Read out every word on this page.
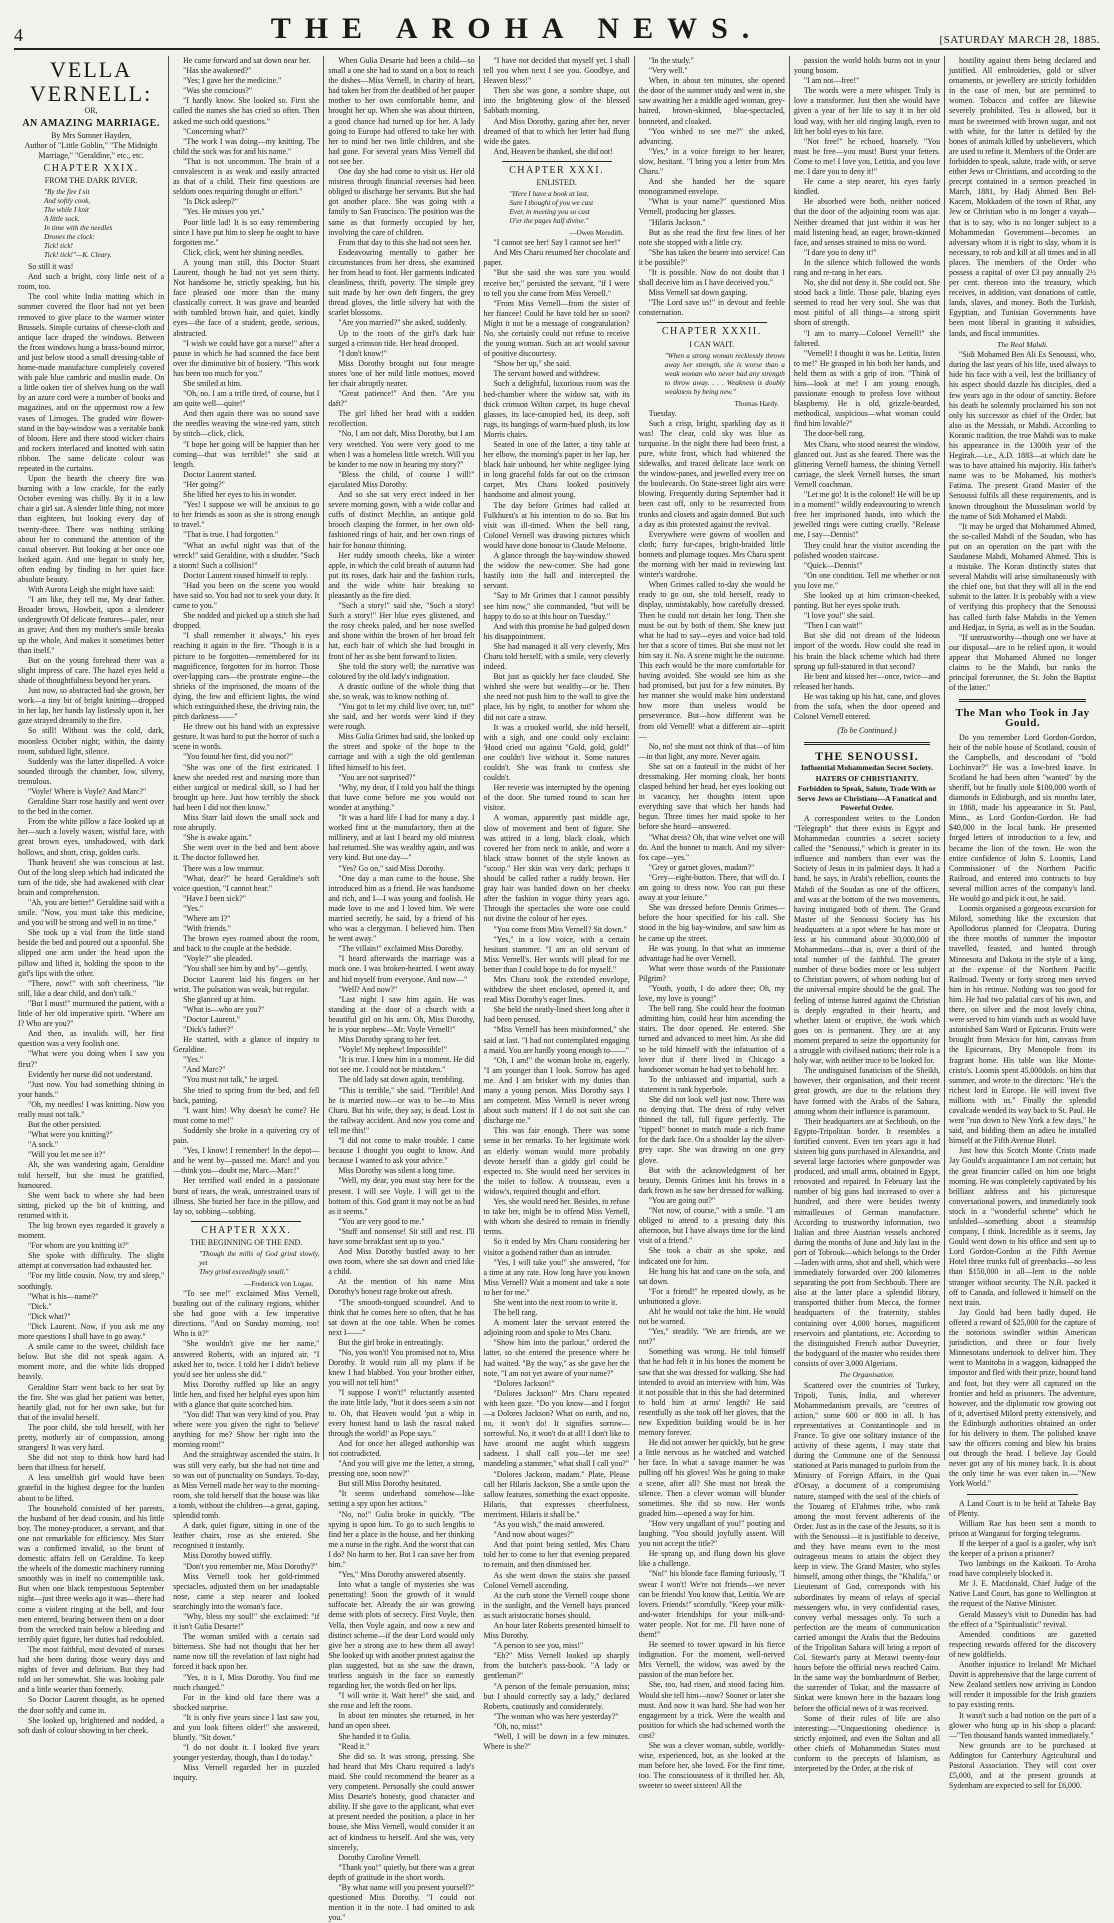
4	THE AROHA NEWS.	[SATURDAY MARCH 28, 1885.
VELLA VERNELL:
OR,
AN AMAZING MARRIAGE.
By Mrs Sumner Hayden,
Author of "Little Goblin," "The Midnight Marriage," "Geraldine," etc., etc.
CHAPTER XXIX.
FROM THE DARK RIVER.
"By the fire I sit
And softly cook,
The while I knit
A little sock.
In time with the needles
Drones the clock:
Tick! tick!
Tick! tick!"—K. Cleary.

So still it was!

And such a bright, cosy little nest of a room, too.

The cool white India matting which in summer covered the floor had not yet been removed to give place to the warmer winter Brussels. Simple curtains of cheese-cloth and antique lace draped the windows. Between the front windows hung a brass-bound mirror, and just below stood a small dressing-table of home-made manufacture completely covered with pale blue cambric and muslin made. On a little oaken tier of shelves hung on the wall by an azure cord were a number of books and magazines, and on the uppermost row a few vases of Limoges. The graded wire flower-stand in the bay-window was a veritable bank of bloom. Here and there stood wicker chairs and rockers interlaced and knotted with satin ribbon. The same delicate colour was repeated in the curtains.

Upon the hearth the cheery fire was burning with a low crackle, for the early October evening was chilly. By it in a low chair a girl sat. A slender little thing, not more than eighteen, but looking every day of twenty-three. There was nothing striking about her to command the attention of the casual observer. But looking at her once one looked again. And one began to study her, often ending by finding in her quiet face absolute beauty.

With Aurora Leigh she might have said:

"I am like, they tell me, My dear father. Broader brows, Howbeit, upon a slenderer undergrowth Of delicate features—paler, near as grave; And then my mother's smile breaks up the whole, And makes it sometimes better than itself."

But on the young forehead there was a slight impress of care. The hazel eyes held a shade of thoughtfulness beyond her years.

Just now, so abstracted had she grown, her work—a tiny bit of bright knitting—dropped in her lap, her hands lay listlessly upon it, her gaze strayed dreamily to the fire.

So still! Without was the cold, dark, moonless October night; within, the dainty room, subdued light, silence.

Suddenly was the latter dispelled. A voice sounded through the chamber, low, silvery, tremulous.

"Voyle! Where is Voyle? And Marc?"

Geraldine Starr rose hastily and went over to the bed in the corner.

From the white pillow a face looked up at her—such a lovely waxen, wistful face, with great brown eyes, unshadowed, with dark hollows, and short, crisp, golden curls.

Thank heaven! she was conscious at last. Out of the long sleep which had indicated the turn of the tide, she had awakened with clear brain and comprehension.

"Ah, you are better!" Geraldine said with a smile. "Now, you must take this medicine, and you will be strong and well in no time."

She took up a vial from the little stand beside the bed and poured out a spoonful. She slipped one arm under the head upon the pillow and lifted it, holding the spoon to the girl's lips with the other.

"There, now!" with soft cheeriness, "lie still, like a dear child, and don't talk."

"But I must!" murmured the patient, with a little of her old imperative spirit. "Where am I? Who are you?"

And then, as invalids will, her first question was a very foolish one.

"What were you doing when I saw you first?"

Evidently her nurse did not understand.

"Just now. You had something shining in your hands."

"Oh, my needles! I was knitting. Now you really must not talk."

But the other persisted.

"What were you knitting?"

"A sock."

"Will you let me see it?"

Ah, she was wandering again, Geraldine told herself, but she must be gratified, humoured.

She went back to where she had been sitting, picked up the bit of knitting, and returned with it.

The big brown eyes regarded it gravely a moment.

"For whom are you knitting it?"

She spoke with difficulty. The slight attempt at conversation had exhausted her.

"For my little cousin. Now, try and sleep," soothingly.

"What is his—name?"

"Dick."

"Dick what?"

"Dick Laurent. Now, if you ask me any more questions I shall have to go away."

A smile came to the sweet, childish face below. But she did not speak again. A moment more, and the white lids dropped heavily.

Geraldine Starr went back to her seat by the fire. She was glad her patient was better, heartily glad, not for her own sake, but for that of the invalid herself.

The poor child, she told herself, with her pretty, motherly air of compassion, among strangers! It was very hard.

She did not stop to think how hard had been that illness for herself.

A less unselfish girl would have been grateful in the highest degree for the burden about to be lifted.

The household consisted of her parents, the husband of her dead cousin, and his little boy. The money-producer, a servant, and that one not remarkable for efficiency. Mrs Starr was a confirmed invalid, so the brunt of domestic affairs fell on Geraldine. To keep the wheels of the domestic machinery running smoothly was in itself no contemptible task. But when one black tempestuous September night—just three weeks ago it was—there had come a violent ringing at the bell, and four men entered, bearing between them on a door from the wrecked train below a bleeding and terribly quiet figure, her duties had redoubled.

The most faithful, most devoted of nurses had she been during those weary days and nights of fever and delirium. But they had told on her somewhat. She was looking pale and a little wearier than formerly.

So Doctor Laurent thought, as he opened the door softly and came in.

She looked up, brightened and nodded, a soft dash of colour showing in her cheek.

He came forward and sat down near her.

"Has she awakened?"

"Yes; I gave her the medicine."

"Was she conscious?"

"I hardly know. She looked so. First she called the names she has cried so often. Then asked me such odd questions."

"Concerning what?"

"The work I was doing—my knitting. The child the sock was for and his name."

"That is not uncommon. The brain of a convalescent is as weak and easily attracted as that of a child. Their first questions are seldom ones requiring thought or effort."

"Is Dick asleep?"

"Yes. He misses you yet."

Poor little lad! It is so easy remembering since I have put him to sleep he ought to have forgotten me."

Click, click, went her shining needles.

A young man still, this Doctor Stuart Laurent, though he had not yet seen thirty. Not handsome he, strictly speaking, but his face pleased one more than the many classically correct. It was grave and bearded with tumbled brown hair, and quiet, kindly eyes—the face of a student, gentle, serious, abstracted.

"I wish we could have got a nurse!" after a pause in which he had scanned the face bent over the diminutive bit of hosiery. "This work has been too much for you."

She smiled at him.

"Oh, no. I am a trifle tired, of course, but I am quite well—quite!"

And then again there was no sound save the needles weaving the wine-red yarn, stitch by stitch—click, click.

"I hope her going will be happier than her coming—that was terrible!" she said at length.

Doctor Laurent started.

"Her going?"

She lifted her eyes to his in wonder.

"Yes! I suppose we will be anxious to go to her friends as soon as she is strong enough to travel."

"That is true. I had forgotten."

"What an awful night was that of the wreck!" said Geraldine, with a shudder. "Such a storm! Such a collision!"

Doctor Laurent roused himself to reply.

"Had you been on the scene you would have said so. You had not to seek your duty. It came to you."

She nodded and picked up a stitch she had dropped.

"I shall remember it always," his eyes reaching it again in the fire. "Though it is a picture to be forgotten—remembered for its magnificence, forgotten for its horror. Those over-lapping cars—the prostrate engine—the shrieks of the imprisoned, the moans of the dying, the few and efficient lights, the wind which extinguished these, the driving rain, the pitch darkness——"

He threw out his hand with an expressive gesture. It was hard to put the horror of such a scene in words.

"You found her first, did you not?"

"She was one of the first extricated. I knew she needed rest and nursing more than either surgical or medical skill, so I had her brought up here. Just how terribly the shock had been I did not then know."

Miss Starr laid down the small sock and rose abruptly.

"She is awake again."

She went over to the bed and bent above it. The doctor followed her.

There was a low murmur.

"What, dear?" he heard Geraldine's soft voice question, "I cannot hear."

"Have I been sick?"

"Yes."

"Where am I?"

"With friends."

The brown eyes roamed about the room, and back to the couple at the bedside.

"Voyle?" she pleaded.

"You shall see him by and by"—gently.

Doctor Laurent laid his fingers on her wrist. The pulsation was weak, but regular.

She glanced up at him.

"What is—who are you?"

"Doctor Laurent."

"Dick's father?"

He started, with a glance of inquiry to Geraldine.

"Yes."

"And Marc?"

"You must not talk," he urged.

She tried to spring from the bed, and fell back, panting.

"I want him! Why doesn't he come? He must come to me!"

Suddenly she broke in a quivering cry of pain.

"Yes, I know! I remember! In the depot—and he went by—passed me. Marc! and you—think you—doubt me, Marc—Marc!"

Her terrified wail ended in a passionate burst of tears, the weak, unrestrained tears of illness. She buried her face in the pillow, and lay so, sobbing—sobbing.

CHAPTER XXX.
THE BEGINNING OF THE END.
"Though the mills of God grind slowly, yet
They grind exceedingly small."
—Frederick von Logau.

"To see me!" exclaimed Miss Vernell, bustling out of the culinary regions, whither she had gone with a few imperative directions. "And on Sunday morning, too! Who is it?"

"She wouldn't give me her name," answered Roberts, with an injured air. "I asked her to, twice. I told her I didn't believe you'd see her unless she did."

Miss Dorothy ruffled up like an angry little hen, and fixed her helpful eyes upon him with a glance that quite scorched him.

"You did! That was very kind of you. Pray where were you given the right to 'believe' anything for me? Show her right into the morning room!"

And the straightway ascended the stairs. It was still very early, but she had not time and so was out of punctuality on Sundays. To-day, as Miss Vernell made her way to the morning-room, she told herself that the house was like a tomb, without the children—a great, gaping, splendid tomb.

A dark, quiet figure, sitting in one of the leather chairs, rose as she entered. She recognised it instantly.

Miss Dorothy bowed stiffly.

"Don't you remember me, Miss Dorothy?"

Miss Vernell took her gold-rimmed spectacles, adjusted them on her unadaptable nose, came a step nearer and looked searchingly into the woman's face.

"Why, bless my soul!" she exclaimed: "if it isn't Gulia Desarte!"

The woman smiled with a certain sad bitterness. She had not thought that her her name now till the revelation of last night had forced it back upon her.

"Yes, it is I, Miss Dorothy. You find me much changed."

For in the kind old face there was a shocked surprise.

"It is only five years since I last saw you, and you look fifteen older!" she answered, bluntly. "Sit down."

"I do not doubt it. I looked five years younger yesterday, though, than I do today."

Miss Vernell regarded her in puzzled inquiry.

When Gulia Desarte had been a child—so small a one she had to stand on a box to reach the dishes—Miss Vernell, in charity of heart, had taken her from the deathbed of her pauper mother to her own comfortable home, and brought her up. When she was about thirteen, a good chance had turned up for her. A lady going to Europe had offered to take her with her to mind her two little children, and she had gone. For several years Miss Vernell did not see her.

One day she had come to visit us. Her old mistress through financial reverses had been obliged to discharge her servants. But she had got another place. She was going with a family to San Francisco. The position was the same as that formerly occupied by her, involving the care of children.

From that day to this she had not seen her.

Endeavouring mentally to gather her circumstances from her dress, she examined her from head to foot. Her garments indicated cleanliness, thrift, poverty. The simple grey suit made by her own deft fingers, the grey thread gloves, the little silvery hat with the scarlet blossoms.

"Are you married?" she asked, suddenly.

Up to the roots of the girl's dark hair surged a crimson tide. Her head drooped.

"I don't know!"

Miss Dorothy brought out four meagre stores 'one of her mild little mottoes, moved her chair abruptly nearer.

"Great patience!" And then. "Are you daft?"

The girl lifted her head with a sudden recollection.

"No, I am not daft, Miss Dorothy, but I am very wretched. You were very good to me when I was a homeless little wretch. Will you be kinder to me now in hearing my story?"

"Bless the child, of course I will!" ejaculated Miss Dorothy.

And so she sat very erect indeed in her severe morning gown, with a wide collar and cuffs of distinct Mechlin, an antique gold brooch clasping the former, in her own old-fashioned rings of hair, and her own rings of hair for honour thinning.

Her ruddy smooth cheeks, like a winter apple, in which the cold breath of autumn had put its roses, dark hair and the fashion curls, and the wide white hair breaking so pleasantly as the fire died.

"Such a story!" said she, "Such a story! Such a story!" Her blue eyes glistened, and the rosy cheeks paled, and her nose swelled and shone within the brown of her broad felt hat, each hair of which she had brought in front of her as she bent forward to listen.

She told the story well; the narrative was coloured by the old lady's indignation.

A drastic outline of the whole thing that she, so weak, was to know nothing of.

"You got to let my child live over, tut, tut!" she said, and her words were kind if they were rough.

Miss Gulia Grimes had said, she looked up the street and spoke of the hope to the carriage and with a sigh the old gentleman lifted himself to his feet.

"You are not surprised?"

"Why, my dear, if I told you half the things that have come before me you would not wonder at anything."

"It was a hard life I had for many a day. I worked first at the manufactory, then at the millinery, and at last I heard my old mistress had returned. She was wealthy again, and was very kind. But one day—"

"Yes? Go on," said Miss Dorothy.

"One day a man came to the house. She introduced him as a friend. He was handsome and rich, and I—I was young and foolish. He made love to me and I loved him. We were married secretly, he said, by a friend of his who was a clergyman. I believed him. Then he went away."

"The villain!" exclaimed Miss Dorothy.

"I heard afterwards the marriage was a mock one. I was broken-hearted. I went away and hid myself from everyone. And now—"

"Well? And now?"

"Last night I saw him again. He was standing at the door of a church with a beautiful girl on his arm. Oh, Miss Dorothy, he is your nephew—Mr. Voyle Vernell!"

Miss Dorothy sprang to her feet.

"Voyle! My nephew! Impossible!"

"It is true. I knew him in a moment. He did not see me. I could not be mistaken."

The old lady sat down again, trembling.

"This is terrible," she said. "Terrible! And he is married now—or was to be—to Miss Charu. But his wife, they say, is dead. Lost in the railway accident. And now you come and tell me this!"

"I did not come to make trouble. I came because I thought you ought to know. And because I wanted to ask your advice."

Miss Dorothy was silent a long time.

"Well, my dear, you must stay here for the present. I will see Voyle. I will get to the bottom of this. God grant it may not be as bad as it seems."

"You are very good to me."

"Stuff and nonsense! Sit still and rest. I'll have some breakfast sent up to you."

And Miss Dorothy bustled away to her own room, where she sat down and cried like a child.

At the mention of his name Miss Dorothy's honest rage broke out afresh.

"The smooth-tongued scoundrel. And to think that he comes here so often, that he has sat down at the one table. When he comes next I——"

But the girl broke in entreatingly.

"No, you won't! You promised not to, Miss Dorothy. It would ruin all my plans if he knew I had blabbed. You your brother either, you will not tell him!"

"I suppose I won't!" reluctantly assented the irate little lady, "but it does seem a sin not to. Oh, that Heaven would 'put a whip in every honest hand to lash the rascal naked through the world!' as Pope says."

And for once her alleged authorship was not contradicted.

"And you will give me the letter, a strong, pressing one, soon now?"

But still Miss Dorothy hesitated.

"It seems underhand somehow—like setting a spy upon her actions."

"No, no!" Gulia broke in quickly. "The spying is upon him. To go to such lengths to find her a place in the house, and her thinking me a nurse in the right. And the worst that can I do? No harm to her. But I can save her from him."

"Yes," Miss Dorothy answered absently.

Into what a tangle of mysteries she was penetrating! Soon the growth of it would suffocate her. Already the air was growing dense with plots of secrecy. First Voyle, then Vella, then Voyle again, and now a new and distinct scheme—if the dear Lord would only give her a strong axe to hew them all away! She looked up with another protest against the plan suggested, but as she saw the drawn, tearless anguish in the face so earnestly regarding her, the words fled on her lips.

"I will write it. Wait here!" she said, and she rose and left the room.

In about ten minutes she returned, in her hand an open sheet.

She handed it to Gulia.

"Read it."

She did so. It was strong, pressing. She had heard that Mrs Charu required a lady's maid. She could recommend the bearer as a very competent. Personally she could answer Miss Desarte's honesty, good character and ability. If she gave to the applicant, what ever at present needed the position, a place in her house, she Miss Vernell, would consider it an act of kindness to herself. And she was, very sincerely,

Dorothy Caroline Vernell.

"Thank you!" quietly, but there was a great depth of gratitude in the short words.

"By what name will you present yourself?" questioned Miss Dorothy. "I could not mention it in the note. I had omitted to ask you."

"I have not decided that myself yet. I shall tell you when next I see you. Goodbye, and Heaven bless!"

Then she was gone, a sombre shape, out into the brightening glow of the blessed Sabbath morning.

And Miss Dorothy, gazing after her, never dreamed of that to which her letter had flung wide the gates.

And, Heaven be thanked, she did not!

CHAPTER XXXI.
ENLISTED.
"Here I have a book at last,
Sure I thought of you we cast
Ever, in meeting you so cast
O'er the pages half divine."
—Owen Meredith.

"I cannot see her! Say I cannot see her!"

And Mrs Charu resumed her chocolate and paper.

"But she said she was sure you would receive her," persisted the servant, "if I were to tell you she came from Miss Vernell."

"From Miss Vernell—from the sister of her fiancee! Could he have told her so soon? Might it not be a message of congratulation? No, she certainly could not refuse to receive the young woman. Such an act would savour of positive discourtesy.

"Show her up," she said.

The servant bowed and withdrew.

Such a delightful, luxurious room was the bed-chamber where the widow sat, with its thick crimson Wilton carpet, its huge cheval glasses, its lace-canopied bed, its deep, soft rugs, its hangings of warm-hued plush, its low Morris chairs.

Seated in one of the latter, a tiny table at her elbow, the morning's paper in her lap, her black hair unbound, her white negligee lying in long graceful folds far out on the crimson carpet, Mrs Charu looked positively handsome and almost young.

The day before Grimes had called at Fulkhurst's at his intention to do so. But his visit was ill-timed. When the bell rang, Colonel Vernell was drawing pictures which would have done honour to Claude Melnotte.

A glance through the bay-window showed the widow the new-comer. She had gone hastily into the hall and intercepted the servant.

"Say to Mr Grimes that I cannot possibly see him now," she commanded, "but will be happy to do so at this hour on Tuesday."

And with this promise he had gulped down his disappointment.

She had managed it all very cleverly, Mrs Charu told herself, with a smile, very cleverly indeed.

But just as quickly her face clouded. She wished she were but wealthy—or he. Then she need not push him to the wall to give the place, his by right, to another for whom she did not care a straw.

It was a crooked world, she told herself, with a sigh, and one could only exclaim: 'Hood cried out against "Gold, gold, gold!" one couldn't live without it. Some natures couldn't. She was frank to confess she couldn't.

Her reverie was interrupted by the opening of the door. She turned round to scan her visitor.

A woman, apparently past middle age, slow of movement and bent of figure. She was attired in a long, black cloak, which covered her from neck to ankle, and wore a black straw bonnet of the style known as "scoop." Her skin was very dark; perhaps it should be called rather a ruddy brown. Her gray hair was banded down on her cheeks after the fashion in vogue thirty years ago. Through the spectacles she wore one could not divine the colour of her eyes.

"You come from Miss Vernell? Sit down."

"Yes," in a low voice, with a certain hesitant stammer. "I am an old servant of Miss Vernell's. Her words will plead for me better than I could hope to do for myself."

Mrs Charu took the extended envelope, withdrew the sheet enclosed, opened it, and read Miss Dorothy's eager lines.

She held the neatly-lined sheet long after it had been perused.

"Miss Vernell has been misinformed," she said at last. "I had not contemplated engaging a maid. You are hardly young enough to——"

"Oh, I am!" the woman broke in, eagerly. "I am younger than I look. Sorrow has aged me. And I am brisker with my duties than many a young person. Miss Dorothy says I am competent. Miss Vernell is never wrong about such matters! If I do not suit she can discharge me."

This was fair enough. There was some sense in her remarks. To her legitimate work an elderly woman would more probably devote herself than a giddy girl could be expected to. She would need her services in the toilet to follow. A trousseau, even a widow's, required thought and effort.

Yes, she would need her. Besides, to refuse to take her, might be to offend Miss Vernell, with whom she desired to remain in friendly terms.

So it ended by Mrs Charu considering her visitor a godsend rather than an intruder.

"Yes, I will take you!" she answered, "for a time at any rate. How long have you known Miss Vernell? Wait a moment and take a note to her for me."

She went into the next room to write it.

The bell rang.

A moment later the servant entered the adjoining room and spoke to Mrs Charu.

"Show him into the parlour," ordered the latter, so she entered the presence where he had waited. "By the way," as she gave her the note, "I am not yet aware of your name?"

"Dolores Jackson!"

"Dolores Jackson!" Mrs Charu repeated with keen gaze. "Do you know—and I forgot—a Dolores Jackson? What on earth, and no, no, it won't do! It signifies sorrow—sorrowful. No, it won't do at all! I don't like to have around me aught which suggests sadness. I shall call you—let me see! mandeling a stammer," what shall I call you?"

"Dolores Jackson, madam." Plate, Please call her Hilaris Jackson, She a smile upon the sallow features, something the exact opposite. Hilaris, that expresses cheerfulness, merriment. Hilaris it shall be."

"As you wish," the maid answered.

"And now about wages?"

And that point being settled, Mrs Charu told her to come to her that evening prepared to remain, and then dismissed her.

As she went down the stairs she passed Colonel Vernell ascending.

At the curb stone the Vernell coupe shone in the sunlight, and the Vernell bays pranced as such aristocratic horses should.

An hour later Roberts presented himself to Miss Dorothy.

"A person to see you, miss!"

"Eh?" Miss Vernell looked up sharply from the butcher's pass-book. "A lady or gentleman?"

"A person of the female persuasion, miss; but I should correctly say a lady," declared Roberts, cautiously and considerately.

"The woman who was here yesterday?"

"Oh, no, miss!"

"Well, I will be down in a few minutes. Where is she?"

"In the study."

"Very well."

When, in about ten minutes, she opened the door of the summer study and went in, she saw awaiting her a middle aged woman, grey-haired, brown-skinned, blue-spectacled, bonneted, and cloaked.

"You wished to see me?" she asked, advancing.

"Yes," in a voice foreign to her hearer, slow, hesitant. "I bring you a letter from Mrs Charu."

And she handed her the square monogrammed envelope.

"What is your name?" questioned Miss Vernell, producing her glasses.

"Hilaris Jackson."

But as she read the first few lines of her note she stopped with a little cry.

"She has taken the bearer into service! Can it be possible?"

"It is possible. Now do not doubt that I shall deceive him as I have deceived you."

Miss Vernell sat down gasping.

"The Lord save us!" in devout and feeble consternation.

CHAPTER XXXII.
I CAN WAIT.
"When a strong woman recklessly throws away her strength, she is worse than a weak woman who never had any strength to throw away. . . . Weakness is doubly weakness by being new."
Thomas Hardy.

Tuesday.

Such a crisp, bright, sparkling day as it was! The clear, cold sky was blue as turquoise. In the night there had been frost, a pure, white frost, which had whitened the sidewalks, and traced delicate lace work on the window-panes, and jewelled every tree on the boulevards. On State-street light airs were blowing. Frequently during September had it been cast off, only to be resurrected from trunks and closets and again donned. But such a day as this protested against the revival.

Everywhere were gowns of woollen and cloth; furry fur-capes, bright-braided little bonnets and plumage toques. Mrs Charu spent the morning with her maid in reviewing last winter's wardrobe.

When Grimes called to-day she would be ready to go out, she told herself, ready to display, unmistakably, how carefully dressed. Then he could not detain her long. Then she must be out by both of them. She knew just what he had to say—eyes and voice had told her that a score of times. But she must not let him say it. No. A scene might be the outcome. This each would be the more comfortable for having avoided. She would see him as she had promised, but just for a few minutes. By her manner she would make him understand how more than useless would be perseverance. But—how different was he from old Vernell! what a different air—spirit—

No, no! she must not think of that—of him—in that light, any more. Never again.

She sat on a fauteuil in the midst of her dressmaking. Her morning cloak, her boots clasped behind her head, her eyes looking out in vacancy, her thoughts intent upon everything save that which her hands had begun. Three times her maid spoke to her before she heard—answered.

"What dress? Oh, that wine velvet one will do. And the bonnet to match. And my silver-fox cape—yes."

"Grey or garnet gloves, madam?"

"Grey—eight-button. There, that will do. I am going to dress now. You can put these away at your leisure."

She was dressed before Dennis Grimes—before the hour specified for his call. She stood in the big bay-window, and saw him as he came up the street.

He was young. In that what an immense advantage had he over Vernell.

What were those words of the Passionate Pilgrim?

"Youth, youth, I do adore thee; Oh, my love, my love is young!"

The bell rang. She could hear the footman admitting him, could hear him ascending the stairs. The door opened. He entered. She turned and advanced to meet him. As she did so he told himself with the infatuation of a lover that if there lived in Chicago a handsomer woman he had yet to behold her.

To the unbiassed and impartial, such a statement is rank hyperbole.

She did not look well just now. There was no denying that. The dress of ruby velvet thinned the tall, full figure perfectly. The "tipped" bonnet to match made a rich frame for the dark face. On a shoulder lay the silver-grey cape. She was drawing on one grey glove.

But with the acknowledgment of her beauty, Dennis Grimes knit his brows in a dark frown as he saw her dressed for walking.

"You are going out?"

"Not now, of course," with a smile. "I am obliged to attend to a pressing duty this afternoon, but I have always time for the kind visit of a friend."

She took a chair as she spoke, and indicated one for him.

He hung his hat and cane on the sofa, and sat down.

"For a friend!" he repeated slowly, as he unbuttoned a glove.

Ah! he would not take the hint. He would not be warned.

"Yes," steadily. "We are friends, are we not?"

Something was wrong. He told himself that he had felt it in his bones the moment he saw that she was dressed for walking. She had intended to avoid an interview with him. Was it not possible that in this she had determined to hold him at arms' length? He said resentfully as she took off her gloves, that the new Expedition building would be in her memory forever.

He did not answer her quickly, but he grew a little nervous as he watched and watched her face. In what a savage manner he was pulling off his gloves! Was he going to make a scene, after all? She must not break the silence. Then a clever woman will blunder sometimes. She did so now. Her words goaded him—opened a way for him.

"How very ungallant of you!" pouting and laughing. "You should joyfully assent. Will you not accept the title?"

He sprang up, and flung down his glove like a challenge.

"No!" his blonde face flaming furiously, "I swear I won't! We're not friends—we never can be friends! You know that, Letitia. We are lovers. Friends!" scornfully. "Keep your milk-and-water friendships for your milk-and-water people. Not for me. I'll have none of them!"

He seemed to tower upward in his fierce indignation. For the moment, well-nerved Mrs Vernell, the widow, was awed by the passion of the man before her.

She, too, had risen, and stood facing him. Would she tell him—now? Sooner or later she must. And now it was hard. She had won her engagement by a trick. Were the wealth and position for which she had schemed worth the cost?

She was a clever woman, subtle, worldly-wise, experienced, but, as she looked at the man before her, she loved. For the first time, too. The consciousness of it thrilled her. Ah, sweeter so sweet sixteen! All the

passion the world holds burns not in your young bosom.

"I am not—free!"

The words were a mere whisper. Truly is love a transformer. Just then she would have given a year of her life to say it in her old loud way, with her old ringing laugh, even to lift her bold eyes to his face.

"Not free!" he echoed, hoarsely. "You must be free—you must! Burst your fetters. Come to me! I love you, Letitia, and you love me. I dare you to deny it!"

He came a step nearer, his eyes fairly kindled.

He absorbed were both, neither noticed that the door of the adjoining room was ajar. Neither dreamed that just within it was her maid listening head, an eager, brown-skinned face, and senses strained to miss no word.

"I dare you to deny it!"

In the silence which followed the words rang and re-rang in her ears.

No, she did not deny it. She could not. She stood back a little. Those pale, blazing eyes seemed to read her very soul. She was that most pitiful of all things—a strong spirit shorn of strength.

"I am to marry—Colonel Vernell!" she faltered.

"Vernell! I thought it was he. Letitia, listen to me!" He grasped in his both her hands, and held them as with a grip of iron. "Think of him—look at me! I am young enough, passionate enough to profess love without blasphemy. He is old, grizzle-bearded, methodical, suspicious—what woman could find him lovable?"

The door-bell rang.

Mrs Charu, who stood nearest the window, glanced out. Just as she feared. There was the glittering Vernell harness, the shining Vernell carriage, the sleek Vernell horses, the smart Vernell coachman.

"Let me go! It is the colonel! He will be up in a moment!" wildly endeavouring to wrench free her imprisoned hands, into which the jewelled rings were cutting cruelly. "Release me, I say—Dennis!"

They could hear the visitor ascending the polished wooden staircase.

"Quick—Dennis!"

"On one condition. Tell me whether or not you love me."

She looked up at him crimson-cheeked, panting. But her eyes spoke truth.

"I love you!" she said.

"Then I can wait!"

But she did not dream of the hideous import of the words. How could she read in his brain the black scheme which had there sprung up full-statured in that second?

He bent and kissed her—once, twice—and released her hands.

He was taking up his hat, cane, and gloves from the sofa, when the door opened and Colonel Vernell entered.

(To be Continued.)
THE SENOUSSI.
Influential Mohammedan Secret Society.
HATERS OF CHRISTIANITY.
Forbidden to Speak, Salute, Trade With or Serve Jews or Christians—A Fanatical and Powerful Order.

A correspondent writes to the London "Telegraph" that there exists in Egypt and Mohammedan countries a secret society called the "Senoussi," which is greater in its influence and numbers than ever was the Society of Jesus in its palmiest days. It had a hand, he says, in Arabi's rebellion, counts the Mahdi of the Soudan as one of the officers, and was at the bottom of the two movements, having instigated both of them. The Grand Master of the Senoussi Society has his headquarters at a spot where he has more or less at his command about 30,000,000 of Mohammedans—that is, over a third of the total number of the faithful. The greater number of these bodies more or less subject to Christian powers, of whom nothing but of the universal empire should be the goal. The feeling of intense hatred against the Christian is deeply engrafted in their hearts, and whether latent or eruptive, the work which goes on is permanent. They are at any moment prepared to seize the opportunity for a struggle with civilised nations; their role is a holy war, with neither truce to be looked for.

The undisguised fanaticism of the Sheikh, however, their organisation, and their recent great growth, are due to the relations they have formed with the Arabs of the Sahara, among whom their influence is paramount.

Their headquarters are at Sechboub, on the Egypto-Tripolitan border. It resembles a fortified convent. Even ten years ago it had sixteen big guns purchased in Alexandria, and several large factories where gunpowder was produced, and small arms, obtained in Egypt, renovated and repaired. In February last the number of big guns had increased to over a hundred, and there were besides twenty mitrailleuses of German manufacture. According to trustworthy information, two Italian and three Austrian vessels anchored during the months of June and July last in the port of Tobrouk—which belongs to the Order—laden with arms, shot and shell, which were immediately forwarded over 200 kilometres separating the port from Sechboub. There are also at the latter place a splendid library, transported thither from Mecca, the former headquarters of the fraternity, stables containing over 4,000 horses, magnificent reservoirs and plantations, etc. According to the distinguished French author Duveyrier, the bodyguard of the master who resides there consists of over 3,000 Algerians.

The Organisation.

Scattered over the countries of Turkey, Tripoli, Tunis, India, and wherever Mohammedanism prevails, are "centres of action," some 600 or 800 in all. It has representatives at Constantinople and in France. To give one solitary instance of the activity of these agents, I may state that during the Commune one of the Senoussi stationed at Paris managed to purloin from the Ministry of Foreign Affairs, in the Quai d'Orsay, a document of a compromising nature, stamped with the seal of the chiefs of the Touareg of El'ahmes tribe, who rank among the most fervent adherents of the Order. Just as in the case of the Jesuits, so it is with the Senoussi—it is justifiable to deceive, and they have means even to the most outrageous means to attain the object they keep in view. The Grand Master, who styles himself, among other things, the "Khalifa," or Lieutenant of God, corresponds with his subordinates by means of relays of special messengers who, in very confidential cases, convey verbal messages only. To such a perfection are the means of communication carried amongst the Arabs that the Bedouins of the Tripolitan Sahara will bring a report of Col. Stewart's party at Merawi twenty-four hours before the official news reached Cairo. In the same way the bombardment of Berber, the surrender of Tokar, and the massacre of Sinkat were known here in the bazaars long before the official news of it was received.

Some of their rules of life are also interesting:—"Unquestioning obedience is strictly enjoined, and even the Sultan and all other chiefs of Mohammedan States must conform to the precepts of Islamism, as interpreted by the Order, at the risk of

hostility against them being declared and justified. All embroideries, gold or silver ornaments, or jewellery are strictly forbidden in the case of men, but are permitted to women. Tobacco and coffee are likewise severely prohibited. Tea is allowed, but it must be sweetened with brown sugar, and not with white, for the latter is defiled by the bones of animals killed by unbelievers, which are used to refine it. Members of the Order are forbidden to speak, salute, trade with, or serve either Jews or Christians, and according to the precept contained in a sermon preached in March, 1881, by Hadj Ahmed Ben Bel-Kacem, Mokkadem of the town of Rhat, any Jew or Christian who is no longer a vayah—that is to say, who is no longer subject to a Mohammedan Government—becomes an adversary whom it is right to slay, whom it is necessary, to rob and kill at all times and in all places. The members of the Order who possess a capital of over £3 pay annually 2½ per cent. thereon into the treasury, which receives, in addition, vast donations of cattle, lands, slaves, and money. Both the Turkish, Egyptian, and Tunisian Governments have been most liberal in granting it subsidies, lands, and fiscal immunities.

The Real Mahdi.

"Sidi Mohamed Ben Ali Es Senoussi, who, during the last years of his life, used always to hide his face with a veil, lest the brilliancy of his aspect should dazzle his disciples, died a few years ago in the odour of sanctity. Before his death he solemnly proclaimed his son not only his successor as chief of the Order, but also as the Messiah, or Mahdi. According to Koranic tradition, the true Mahdi was to make his appearance in the 1300th year of the Hegirah.—i.e., A.D. 1883—at which date he was to have attained his majority. His father's name was to be Mohamed, his mother's Fatima. The present Grand Master of the Senoussi fulfils all these requirements, and is known throughout the Mussulman world by the name of Sidi Mohamed el Mahdi.

"It may be urged that Mohammed Ahmed, the so-called Mahdi of the Soudan, who has put on an operation on the part with the Saudanese Mahdi, Mohamed Ahmed. This is a mistake. The Koran distinctly states that several Mahdis will arise simultaneously with the chief one, but that they will all in the end submit to the latter. It is probably with a view of verifying this prophecy that the Senoussi has called forth false Mahdis in the Yemen and Hedjaz, in Syria, as well as in the Soudan.

"If untrustworthy—though one we have at our disposal—are to be relied upon, it would appear that Mohamed Ahmed no longer claims to be the Mahdi, but ranks the principal forerunner, the St. John the Baptist of the latter."

The Man who Took in Jay Gould.

Do you remember Lord Gordon-Gordon, heir of the noble house of Scotland, cousin of the Campbells, and descendant of "bold Lochinvar?" He was a low-bred knave. In Scotland he had been often "wanted" by the sheriff, but he finally stole $100,000 worth of diamonds in Edinburgh, and six months later, in 1868, made his appearance in St. Paul, Minn., as Lord Gordon-Gordon. He had $40,000 in the local bank. He presented forged letters of introduction to a few, and became the lion of the town. He won the entire confidence of John S. Loomis, Land Commissioner of the Northern Pacific Railroad, and entered into contracts to buy several million acres of the company's land. He would go and pick it out, he said.

Loomis organised a gorgeous excursion for Milord, something like the excursion that Apollodorus planned for Cleopatra. During the three months of summer the impostor travelled, feasted, and hunted through Minnesota and Dakota in the style of a king, at the expense of the Northern Pacific Railroad. Twenty or forty strong men served him in his retinue. Nothing was too good for him. He had two palatial cars of his own, and there, on silver and the most lovely china, were served to him viands such as would have astonished Sam Ward or Epicurus. Fruits were brought from Mexico for him, canvass from the Epicureans, Dry Monopole from its fragrant home. His table was like Monte-cristo's. Loomis spent 45,000dols. on him that summer, and wrote to the directors: "He's the richest lord in Europe. He will invest five millions with us." Finally the splendid cavalcade wended its way back to St. Paul. He went "run down to New York a few days," he said, and bidding them an adieu he installed himself at the Fifth Avenue Hotel.

Just how this Scotch Monte Cristo made Jay Gould's acquaintance I am not certain; but the great financier called on him one bright morning. He was completely captivated by his brilliant address and his picturesque conversational powers, and immediately took stock in a "wonderful scheme" which he unfolded—something about a steamship company, I think. Incredible as it seems, Jay Gould went down to his office and sent up to Lord Gordon-Gordon at the Fifth Avenue Hotel three trunks full of greenbacks—no less than $150,000 in all—lent to the noble stranger without security. The N.B. packed it off to Canada, and followed it himself on the next train.

Jay Gould had been badly duped. He offered a reward of $25,000 for the capture of the notorious swindler within American jurisdiction, and three or four lively Minnesotans undertook to deliver him. They went to Manitoba in a waggon, kidnapped the impostor and fled with their prize, bound hand and foot, but they were all captured on the frontier and held as prisoners. The adventure, however, and the diplomatic row growing out of it, advertised Milord pretty extensively, and the Edinburgh authorities obtained an order for his delivery to them. The polished knave saw the officers coming and blew his brains out through the head. I believe Jay Gould never got any of his money back. It is about the only time he was ever taken in.—"New York World."

A Land Court is to be held at Taheke Bay of Plenty.

William Rae has been sent a month to prison at Wanganui for forging telegrams.

If the keeper of a gaol is a gaoler, why isn't the keeper of a prison a prisoner?

Two lambings on the Kaikoati. To Aroha road have completely blocked it.

Mr J. E. Macdonald, Chief Judge of the Native Land Court, has gone to Wellington at the request of the Native Minister.

Gerald Massey's visit to Dunedin has had the effect of a "Spiritualistic" revival.

Amended conditions are gazetted respecting rewards offered for the discovery of new goldfields.

Another injustice to Ireland! Mr Michael Davitt is apprehensive that the large current of New Zealand settlers now arriving in London will render it impossible for the Irish graziers to pay existing rents.

It wasn't such a bad notion on the part of a glower who hung up in his shop a placard:—"Ten thousand hands wanted immediately."

New grounds are to be purchased at Addington for Canterbury Agricultural and Pastoral Association. They will cost over £5,000, and at the present grounds at Sydenham are expected to sell for £6,000.
